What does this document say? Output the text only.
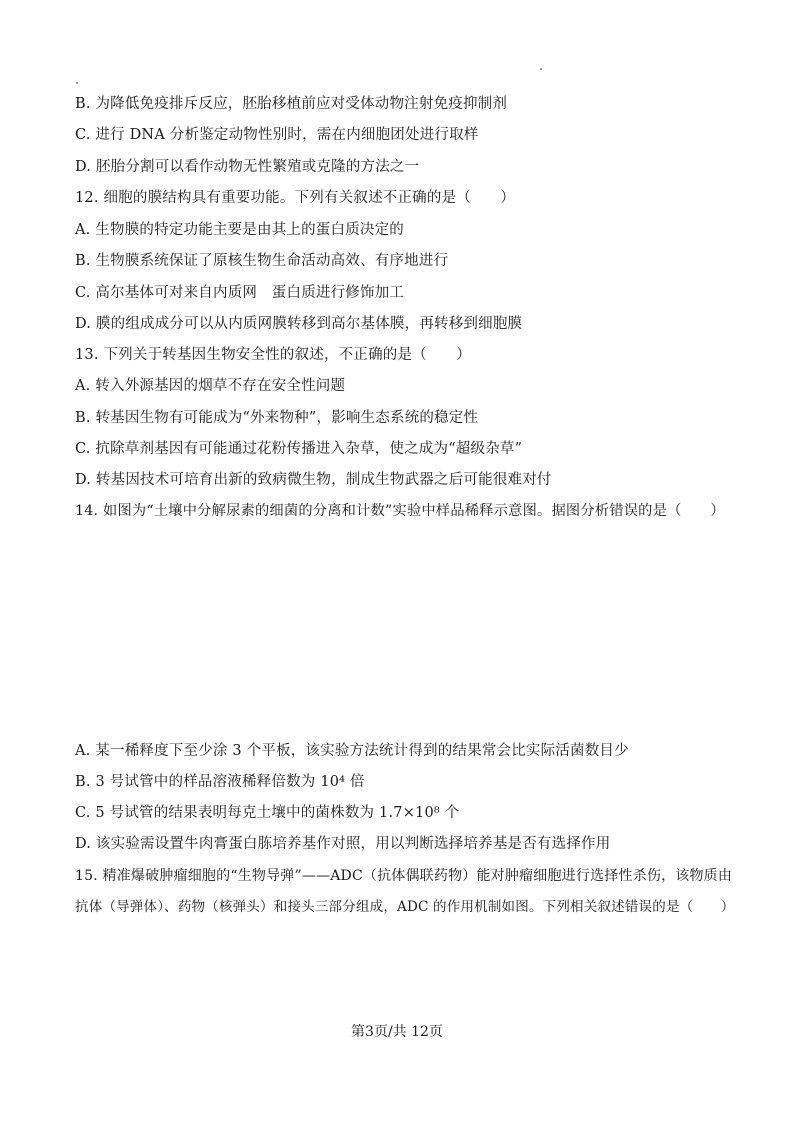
B. 为降低免疫排斥反应，胚胎移植前应对受体动物注射免疫抑制剂
C. 进行 DNA 分析鉴定动物性别时，需在内细胞团处进行取样
D. 胚胎分割可以看作动物无性繁殖或克隆的方法之一
12. 细胞的膜结构具有重要功能。下列有关叙述不正确的是（　　）
A. 生物膜的特定功能主要是由其上的蛋白质决定的
B. 生物膜系统保证了原核生物生命活动高效、有序地进行
C. 高尔基体可对来自内质网　蛋白质进行修饰加工
D. 膜的组成成分可以从内质网膜转移到高尔基体膜，再转移到细胞膜
13. 下列关于转基因生物安全性的叙述，不正确的是（　　）
A. 转入外源基因的烟草不存在安全性问题
B. 转基因生物有可能成为“外来物种”，影响生态系统的稳定性
C. 抗除草剂基因有可能通过花粉传播进入杂草，使之成为“超级杂草”
D. 转基因技术可培育出新的致病微生物，制成生物武器之后可能很难对付
14. 如图为“土壤中分解尿素的细菌的分离和计数”实验中样品稀释示意图。据图分析错误的是（　　）
A. 某一稀释度下至少涂 3 个平板，该实验方法统计得到的结果常会比实际活菌数目少
B. 3 号试管中的样品溶液稀释倍数为 10⁴ 倍
C. 5 号试管的结果表明每克土壤中的菌株数为 1.7×10⁸ 个
D. 该实验需设置牛肉膏蛋白胨培养基作对照，用以判断选择培养基是否有选择作用
15. 精准爆破肿瘤细胞的“生物导弹”——ADC（抗体偶联药物）能对肿瘤细胞进行选择性杀伤，该物质由
抗体（导弹体）、药物（核弹头）和接头三部分组成，ADC 的作用机制如图。下列相关叙述错误的是（　　）
第3页/共 12页
